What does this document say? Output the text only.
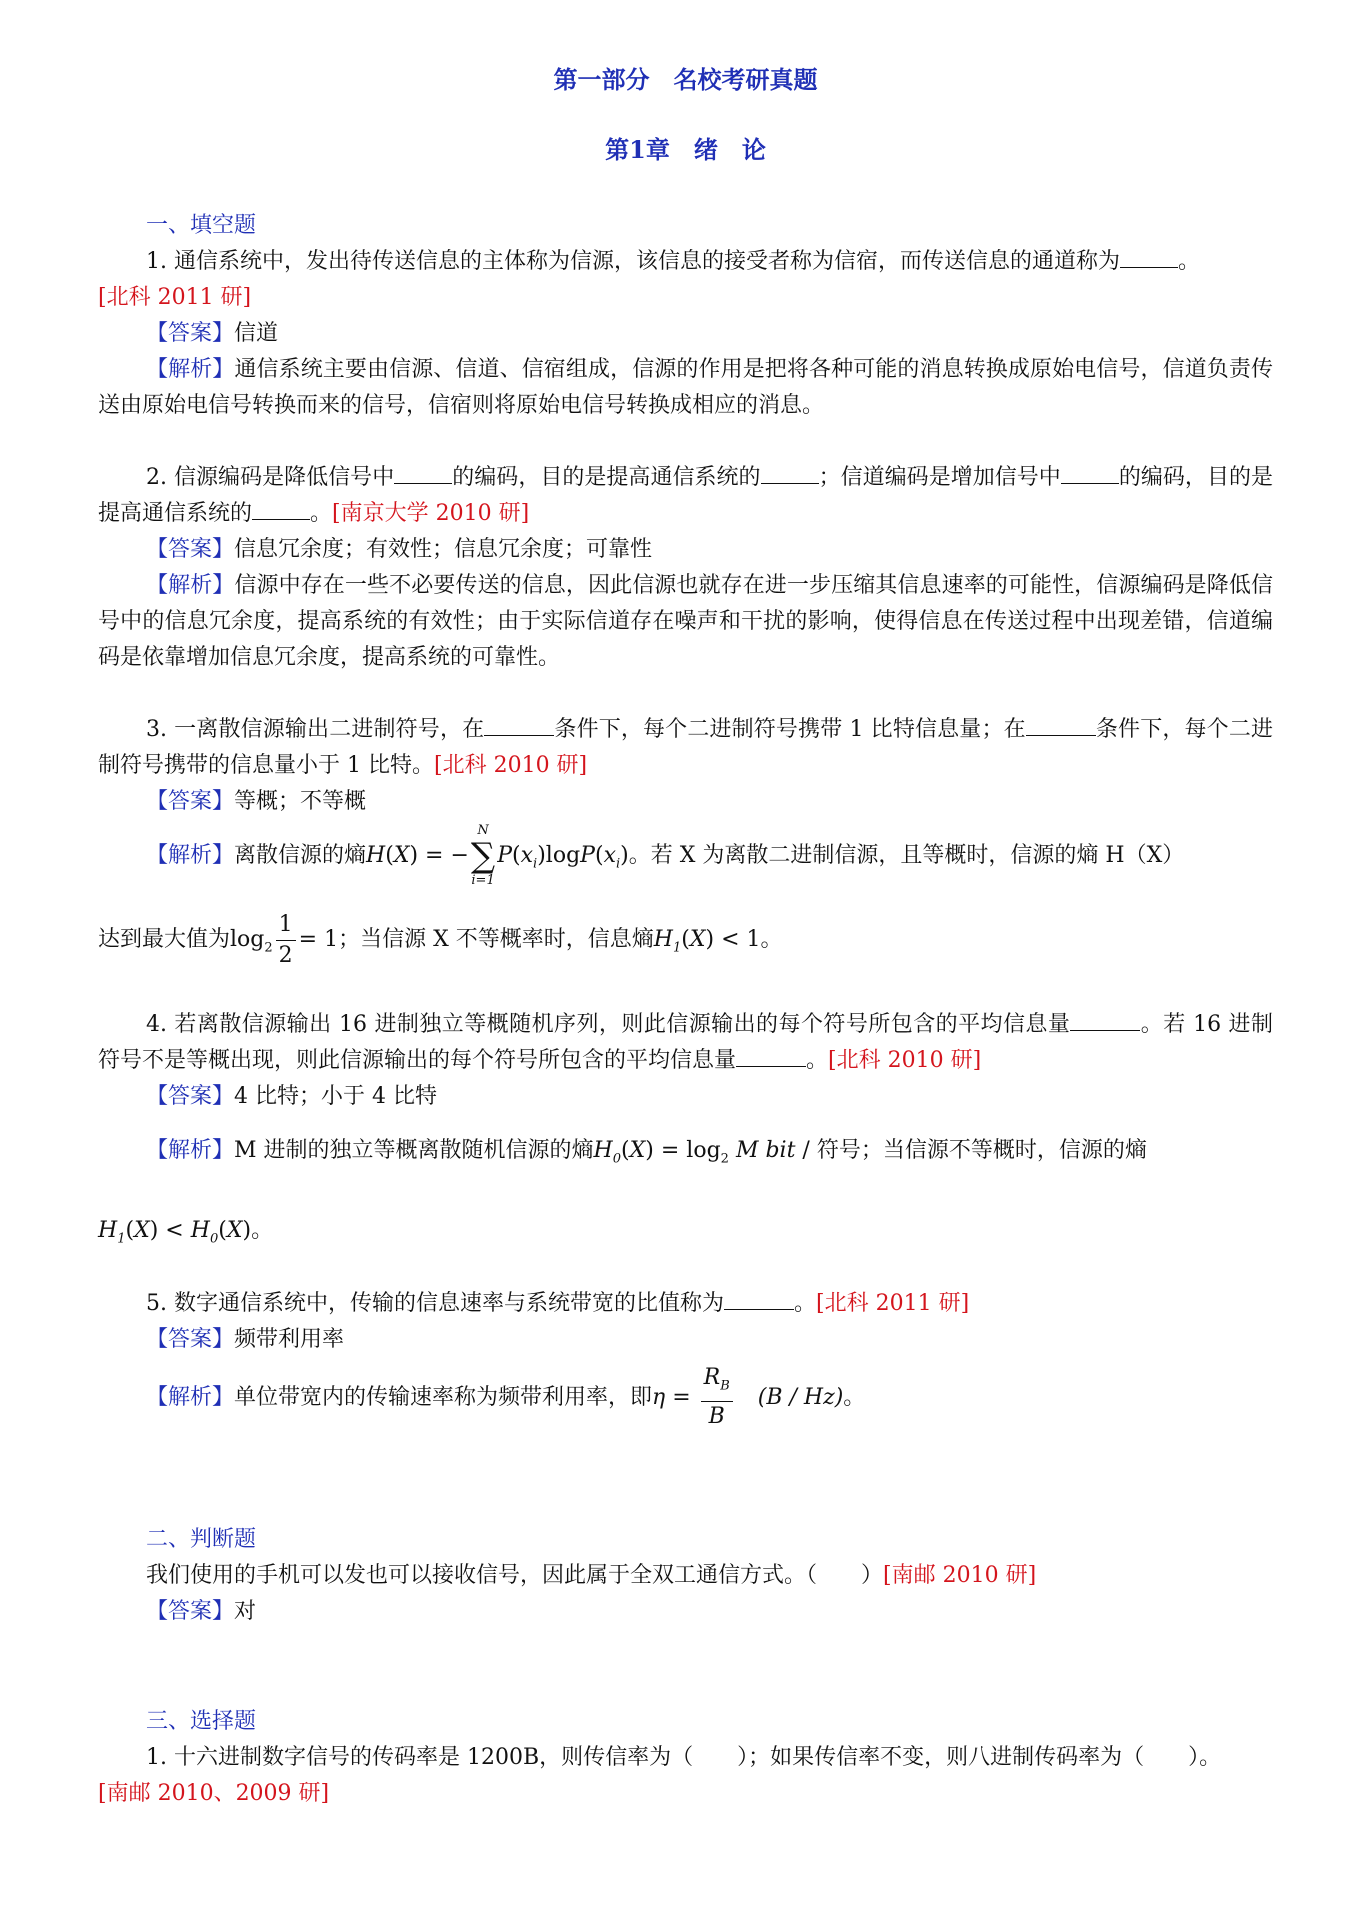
第一部分　名校考研真题

第1章　绪　论

一、填空题

1. 通信系统中，发出待传送信息的主体称为信源，该信息的接受者称为信宿，而传送信息的通道称为	。
[北科 2011 研]

【答案】信道

【解析】通信系统主要由信源、信道、信宿组成，信源的作用是把将各种可能的消息转换成原始电信号，信道负责传送由原始电信号转换而来的信号，信宿则将原始电信号转换成相应的消息。

2. 信源编码是降低信号中	的编码，目的是提高通信系统的	；信道编码是增加信号中	的编码，目的是提高通信系统的	。[南京大学 2010 研]

【答案】信息冗余度；有效性；信息冗余度；可靠性

【解析】信源中存在一些不必要传送的信息，因此信源也就存在进一步压缩其信息速率的可能性，信源编码是降低信号中的信息冗余度，提高系统的有效性；由于实际信道存在噪声和干扰的影响，使得信息在传送过程中出现差错，信道编码是依靠增加信息冗余度，提高系统的可靠性。

3. 一离散信源输出二进制符号，在	条件下，每个二进制符号携带 1 比特信息量；在	条件下，每个二进制符号携带的信息量小于 1 比特。[北科 2010 研]

【答案】等概；不等概

【解析】离散信源的熵H(X) = −
N
∑
i=1
$P(x_i)\log P(x_i)$。若 X 为离散二进制信源，且等概时，信源的熵 H（X）

达到最大值为$\log_2 \frac{1}{2} = 1$；当信源 X 不等概率时，信息熵$H_1(X) < 1$。

4. 若离散信源输出 16 进制独立等概随机序列，则此信源输出的每个符号所包含的平均信息量	。若 16 进制符号不是等概出现，则此信源输出的每个符号所包含的平均信息量	。[北科 2010 研]

【答案】4 比特；小于 4 比特

【解析】M 进制的独立等概离散随机信源的熵$H_0(X) = \log_2 M$ bit / 符号；当信源不等概时，信源的熵

$H_1(X) < H_0(X)$。

5. 数字通信系统中，传输的信息速率与系统带宽的比值称为	。[北科 2011 研]

【答案】频带利用率

【解析】单位带宽内的传输速率称为频带利用率，即$\eta = \frac{R_B}{B} (B / Hz)$。

二、判断题

我们使用的手机可以发也可以接收信号，因此属于全双工通信方式。（　　）[南邮 2010 研]

【答案】对

三、选择题

1. 十六进制数字信号的传码率是 1200B，则传信率为（　　）；如果传信率不变，则八进制传码率为（　　）。
[南邮 2010、2009 研]
